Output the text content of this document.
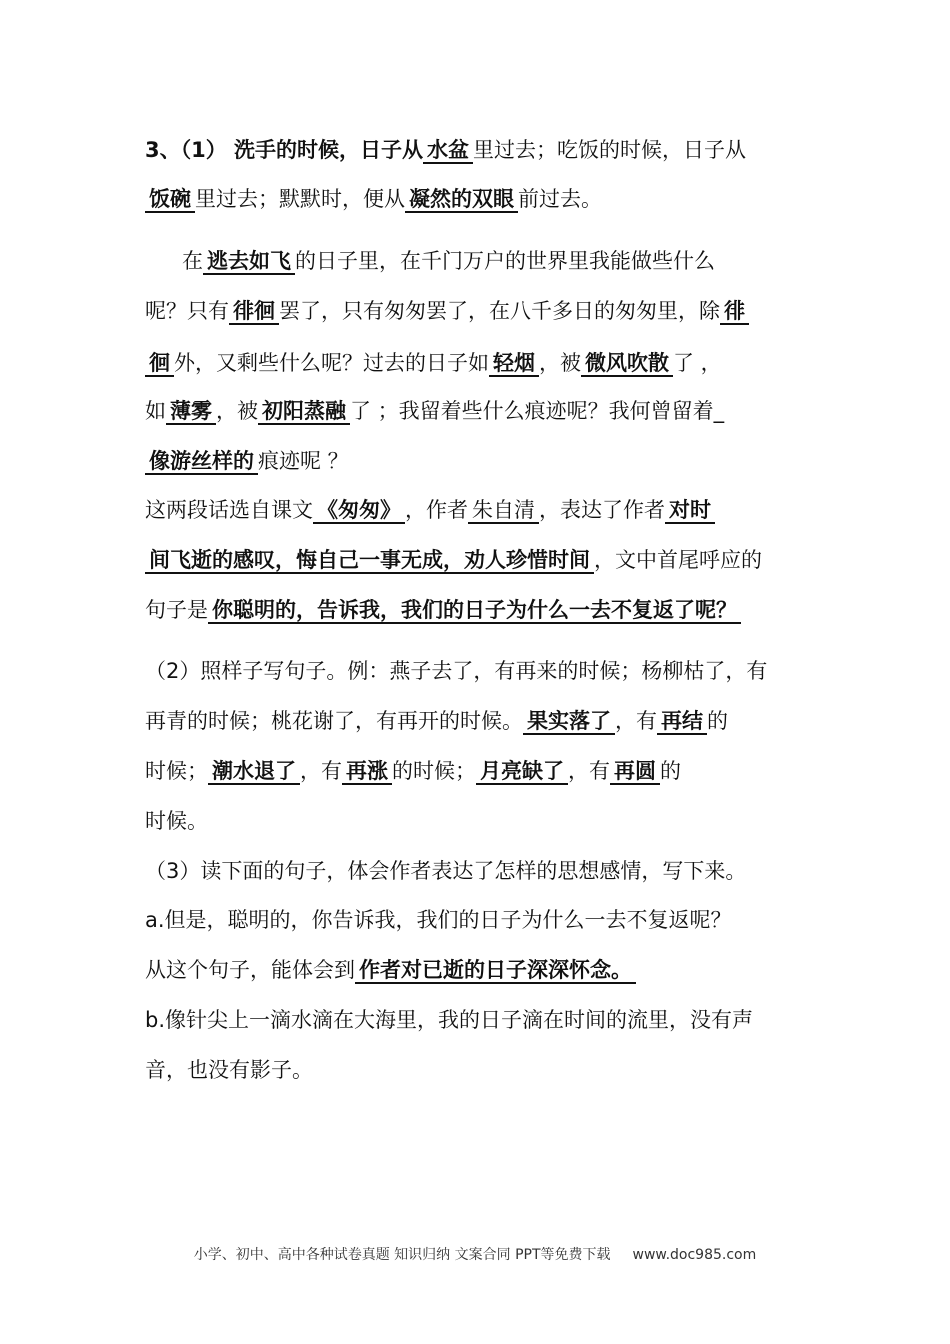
3、（1） 洗手的时候，日子从 水盆 里过去；吃饭的时候，日子从
饭碗 里过去；默默时，便从 凝然的双眼 前过去。
在 逃去如飞 的日子里，在千门万户的世界里我能做些什么
呢？只有 徘徊 罢了，只有匆匆罢了，在八千多日的匆匆里，除 徘
徊 外，又剩些什么呢？过去的日子如 轻烟 ，被 微风吹散 了 ，
如 薄雾 ，被 初阳蒸融 了 ；我留着些什么痕迹呢？我何曾留着_
像游丝样的 痕迹呢 ？
这两段话选自课文 《匆匆》 ，作者 朱自清 ，表达了作者 对时
间飞逝的感叹，悔自己一事无成，劝人珍惜时间 ，文中首尾呼应的
句子是 你聪明的，告诉我，我们的日子为什么一去不复返了呢？
（2）照样子写句子。例：燕子去了，有再来的时候；杨柳枯了，有
再青的时候；桃花谢了，有再开的时候。 果实落了 ，有 再结 的
时候； 潮水退了 ，有 再涨 的时候； 月亮缺了 ，有 再圆 的
时候。
（3）读下面的句子，体会作者表达了怎样的思想感情，写下来。
a.但是，聪明的，你告诉我，我们的日子为什么一去不复返呢？
从这个句子，能体会到 作者对已逝的日子深深怀念。
b.像针尖上一滴水滴在大海里，我的日子滴在时间的流里，没有声
音，也没有影子。
小学、初中、高中各种试卷真题 知识归纳 文案合同 PPT等免费下载 www.doc985.com
